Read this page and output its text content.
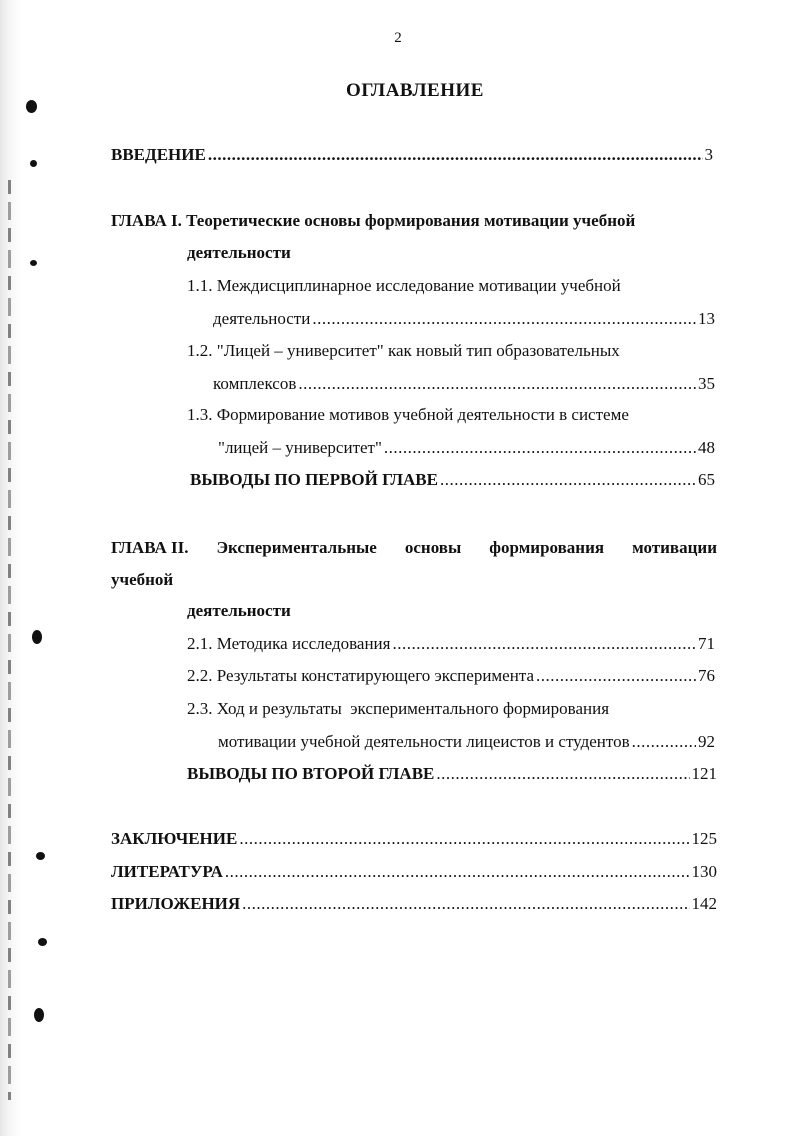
2
ОГЛАВЛЕНИЕ
ВВЕДЕНИЕ .....	3
ГЛАВА I. Теоретические основы формирования мотивации учебной
деятельности
1.1. Междисциплинарное исследование мотивации учебной
деятельности .....	13
1.2. "Лицей – университет" как новый тип образовательных
комплексов .....	35
1.3. Формирование мотивов учебной деятельности в системе
"лицей – университет" .....	48
ВЫВОДЫ ПО ПЕРВОЙ ГЛАВЕ .....	65
ГЛАВА II. Экспериментальные основы формирования мотивации
учебной
деятельности
2.1. Методика исследования .....	71
2.2. Результаты констатирующего эксперимента .....	76
2.3. Ход и результаты  экспериментального формирования
мотивации учебной деятельности лицеистов и студентов .....	92
ВЫВОДЫ ПО ВТОРОЙ ГЛАВЕ .....	121
ЗАКЛЮЧЕНИЕ .....	125
ЛИТЕРАТУРА .....	130
ПРИЛОЖЕНИЯ .....	142
